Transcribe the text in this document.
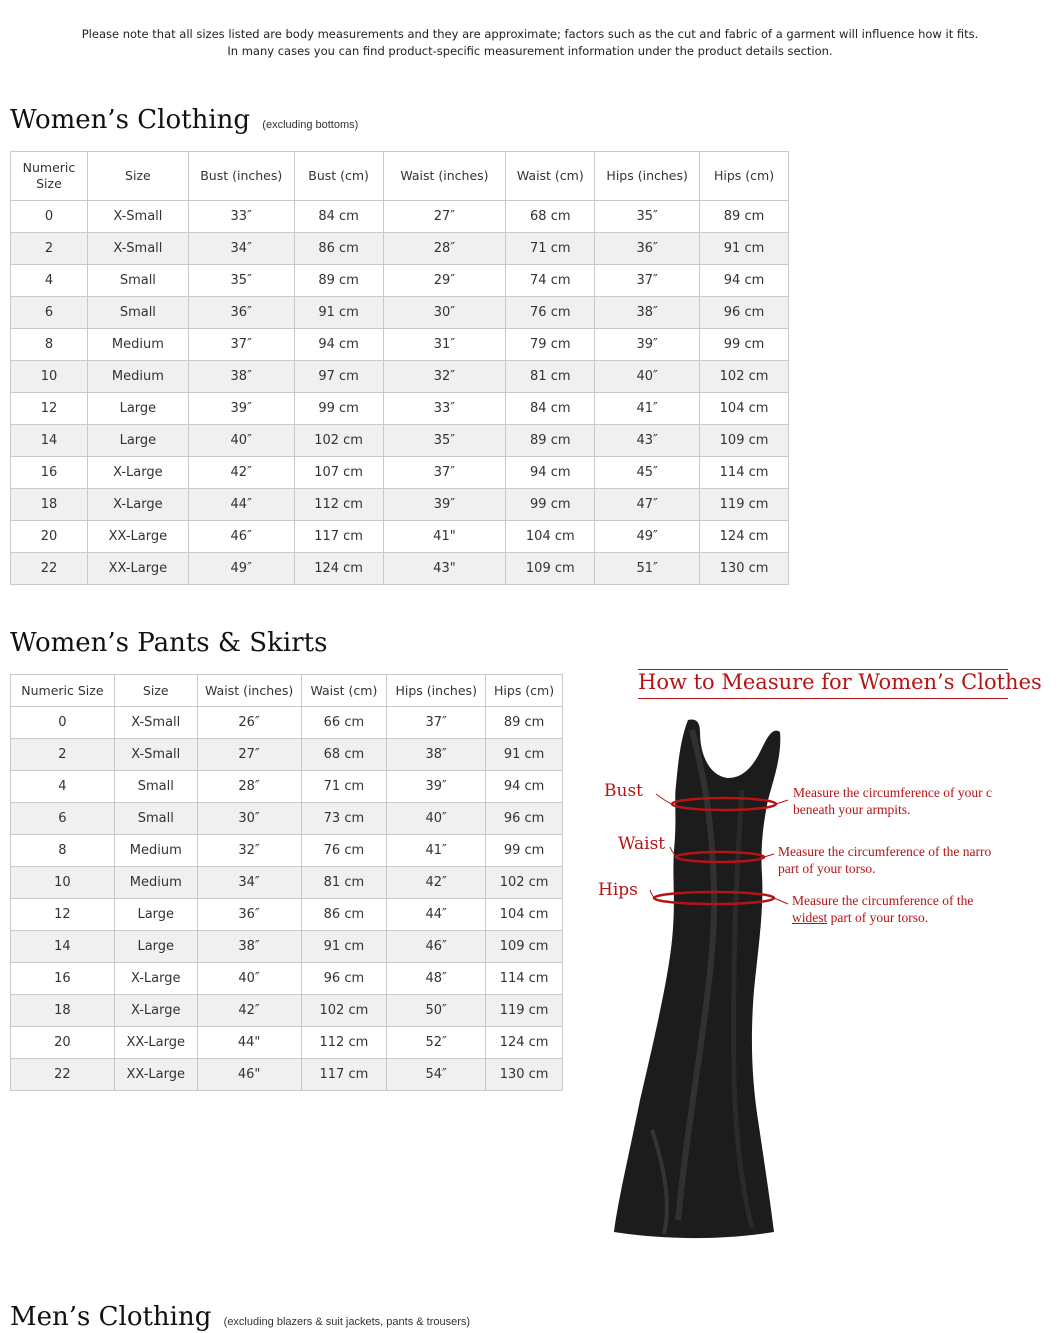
Please note that all sizes listed are body measurements and they are approximate; factors such as the cut and fabric of a garment will influence how it fits.
In many cases you can find product-specific measurement information under the product details section.
Women’s Clothing (excluding bottoms)
Numeric Size	Size	Bust (inches)	Bust (cm)	Waist (inches)	Waist (cm)	Hips (inches)	Hips (cm)
0	X-Small	33″	84 cm	27″	68 cm	35″	89 cm
2	X-Small	34″	86 cm	28″	71 cm	36″	91 cm
4	Small	35″	89 cm	29″	74 cm	37″	94 cm
6	Small	36″	91 cm	30″	76 cm	38″	96 cm
8	Medium	37″	94 cm	31″	79 cm	39″	99 cm
10	Medium	38″	97 cm	32″	81 cm	40″	102 cm
12	Large	39″	99 cm	33″	84 cm	41″	104 cm
14	Large	40″	102 cm	35″	89 cm	43″	109 cm
16	X-Large	42″	107 cm	37″	94 cm	45″	114 cm
18	X-Large	44″	112 cm	39″	99 cm	47″	119 cm
20	XX-Large	46″	117 cm	41"	104 cm	49″	124 cm
22	XX-Large	49″	124 cm	43"	109 cm	51″	130 cm
Women’s Pants & Skirts
Numeric Size	Size	Waist (inches)	Waist (cm)	Hips (inches)	Hips (cm)
0	X-Small	26″	66 cm	37″	89 cm
2	X-Small	27″	68 cm	38″	91 cm
4	Small	28″	71 cm	39″	94 cm
6	Small	30″	73 cm	40″	96 cm
8	Medium	32″	76 cm	41″	99 cm
10	Medium	34″	81 cm	42″	102 cm
12	Large	36″	86 cm	44″	104 cm
14	Large	38″	91 cm	46″	109 cm
16	X-Large	40″	96 cm	48″	114 cm
18	X-Large	42″	102 cm	50″	119 cm
20	XX-Large	44"	112 cm	52″	124 cm
22	XX-Large	46"	117 cm	54″	130 cm
How to Measure for Women’s Clothes
Bust
Waist
Hips
Measure the circumference of your c
beneath your armpits.
Measure the circumference of the narro
part of your torso.
Measure the circumference of the
widest part of your torso.
Men’s Clothing (excluding blazers & suit jackets, pants & trousers)
